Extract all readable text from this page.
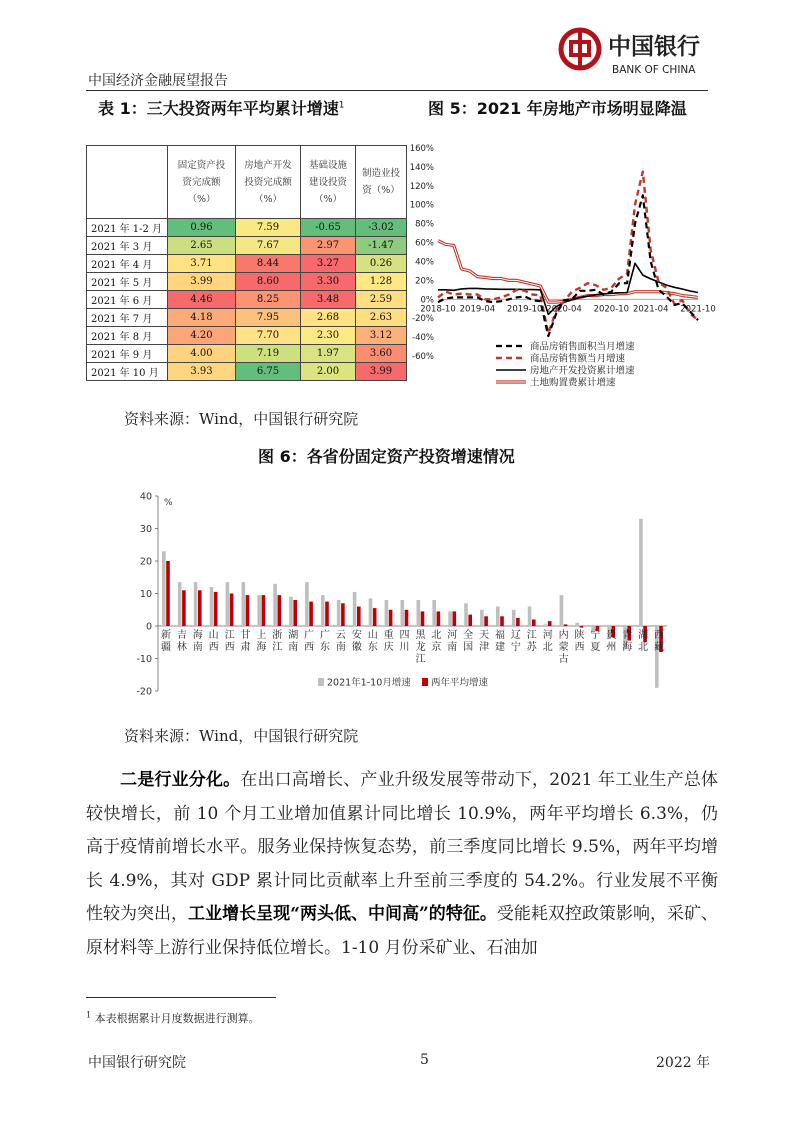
中国经济金融展望报告
中国银行
BANK OF CHINA
表 1：三大投资两年平均累计增速$^1$	图 5：2021 年房地产市场明显降温

	固定资产投资完成额（%）	房地产开发投资完成额（%）	基础设施建设投资（%）	制造业投资（%）

2021 年 1-2 月	0.96	7.59	-0.65	-3.02
2021 年 3 月	2.65	7.67	2.97	-1.47
2021 年 4 月	3.71	8.44	3.27	0.26
2021 年 5 月	3.99	8.60	3.30	1.28
2021 年 6 月	4.46	8.25	3.48	2.59
2021 年 7 月	4.18	7.95	2.68	2.63
2021 年 8 月	4.20	7.70	2.30	3.12
2021 年 9 月	4.00	7.19	1.97	3.60
2021 年 10 月	3.93	6.75	2.00	3.99
160%
140%
120%
100%
80%
60%
40%
20%
0%
-20%
-40%
-60%
2018-10 2019-04 2019-10 2020-04 2020-10 2021-04 2021-10
商品房销售面积当月增速
商品房销售额当月增速
房地产开发投资累计增速
土地购置费累计增速
资料来源：Wind，中国银行研究院
图 6：各省份固定资产投资增速情况
40
30
20
10
0
-10
-20
%
新疆
吉林
海南
山西
江西
甘肃
上海
浙江
湖南
广西
广东
云南
安徽
山东
重庆
四川
黑龙江
北京
河南
全国
天津
福建
辽宁
江苏
河北
内蒙古
陕西
宁夏
贵州
青海
湖北
西藏
2021年1-10月增速 两年平均增速
资料来源：Wind，中国银行研究院
二是行业分化。在出口高增长、产业升级发展等带动下，2021 年工业生产总体较快增长，前 10 个月工业增加值累计同比增长 10.9%，两年平均增长 6.3%，仍高于疫情前增长水平。服务业保持恢复态势，前三季度同比增长 9.5%，两年平均增长 4.9%，其对 GDP 累计同比贡献率上升至前三季度的 54.2%。行业发展不平衡性较为突出，工业增长呈现“两头低、中间高”的特征。受能耗双控政策影响，采矿、原材料等上游行业保持低位增长。1-10 月份采矿业、石油加
$^1$ 本表根据累计月度数据进行测算。
中国银行研究院	5	2022 年
